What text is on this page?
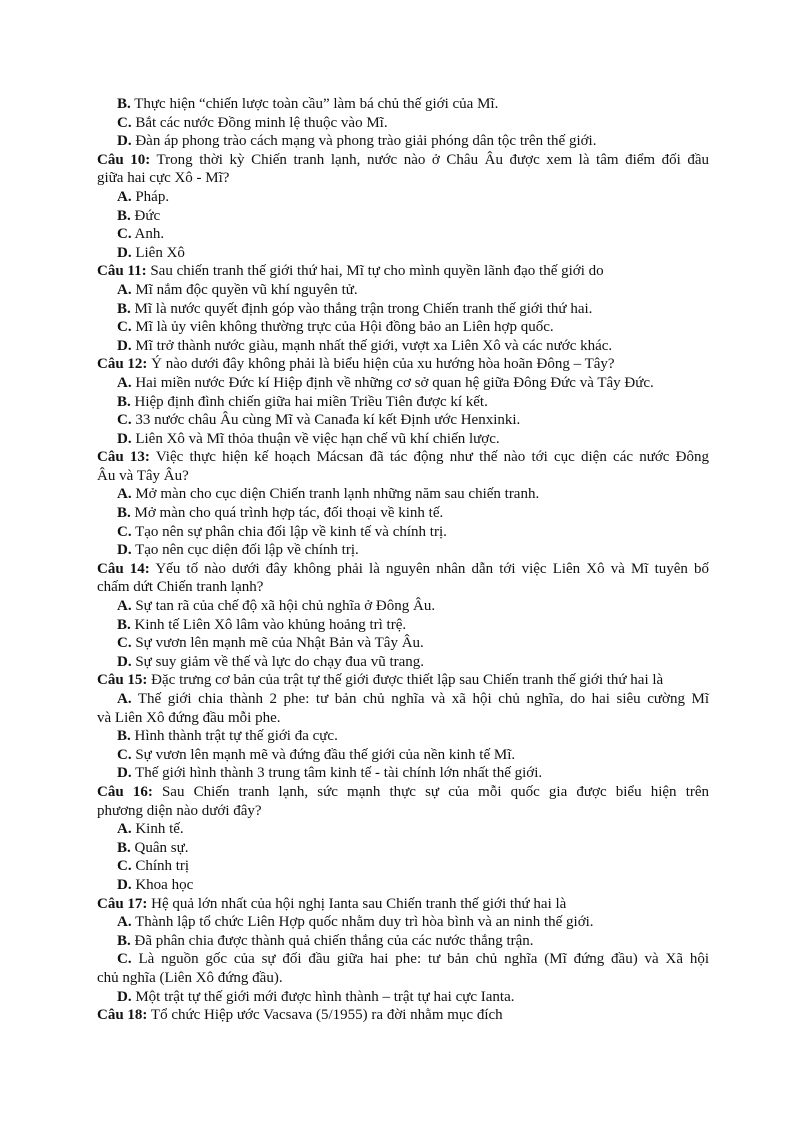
B. Thực hiện “chiến lược toàn cầu” làm bá chủ thế giới của Mĩ.
C. Bắt các nước Đồng minh lệ thuộc vào Mĩ.
D. Đàn áp phong trào cách mạng và phong trào giải phóng dân tộc trên thế giới.
Câu 10: Trong thời kỳ Chiến tranh lạnh, nước nào ở Châu Âu được xem là tâm điểm đối đầu
giữa hai cực Xô - Mĩ?
A. Pháp.
B. Đức
C. Anh.
D. Liên Xô
Câu 11: Sau chiến tranh thế giới thứ hai, Mĩ tự cho mình quyền lãnh đạo thế giới do
A. Mĩ nắm độc quyền vũ khí nguyên tử.
B. Mĩ là nước quyết định góp vào thắng trận trong Chiến tranh thế giới thứ hai.
C. Mĩ là ủy viên không thường trực của Hội đồng bảo an Liên hợp quốc.
D. Mĩ trở thành nước giàu, mạnh nhất thế giới, vượt xa Liên Xô và các nước khác.
Câu 12: Ý nào dưới đây không phải là biểu hiện của xu hướng hòa hoãn Đông – Tây?
A. Hai miền nước Đức kí Hiệp định về những cơ sở quan hệ giữa Đông Đức và Tây Đức.
B. Hiệp định đình chiến giữa hai miền Triều Tiên được kí kết.
C. 33 nước châu Âu cùng Mĩ và Canađa kí kết Định ước Henxinki.
D. Liên Xô và Mĩ thỏa thuận về việc hạn chế vũ khí chiến lược.
Câu 13: Việc thực hiện kế hoạch Mácsan đã tác động như thế nào tới cục diện các nước Đông
Âu và Tây Âu?
A. Mở màn cho cục diện Chiến tranh lạnh những năm sau chiến tranh.
B. Mở màn cho quá trình hợp tác, đối thoại về kinh tế.
C. Tạo nên sự phân chia đối lập về kinh tế và chính trị.
D. Tạo nên cục diện đối lập về chính trị.
Câu 14: Yếu tố nào dưới đây không phải là nguyên nhân dẫn tới việc Liên Xô và Mĩ tuyên bố
chấm dứt Chiến tranh lạnh?
A. Sự tan rã của chế độ xã hội chủ nghĩa ở Đông Âu.
B. Kinh tế Liên Xô lâm vào khủng hoảng trì trệ.
C. Sự vươn lên mạnh mẽ của Nhật Bản và Tây Âu.
D. Sự suy giảm về thế và lực do chạy đua vũ trang.
Câu 15: Đặc trưng cơ bản của trật tự thế giới được thiết lập sau Chiến tranh thế giới thứ hai là
A. Thế giới chia thành 2 phe: tư bản chủ nghĩa và xã hội chủ nghĩa, do hai siêu cường Mĩ
và Liên Xô đứng đầu mỗi phe.
B. Hình thành trật tự thế giới đa cực.
C. Sự vươn lên mạnh mẽ và đứng đầu thế giới của nền kinh tế Mĩ.
D. Thế giới hình thành 3 trung tâm kinh tế - tài chính lớn nhất thế giới.
Câu 16: Sau Chiến tranh lạnh, sức mạnh thực sự của mỗi quốc gia được biểu hiện trên
phương diện nào dưới đây?
A. Kinh tế.
B. Quân sự.
C. Chính trị
D. Khoa học
Câu 17: Hệ quả lớn nhất của hội nghị Ianta sau Chiến tranh thế giới thứ hai là
A. Thành lập tổ chức Liên Hợp quốc nhằm duy trì hòa bình và an ninh thế giới.
B. Đã phân chia được thành quả chiến thắng của các nước thắng trận.
C. Là nguồn gốc của sự đối đầu giữa hai phe: tư bản chủ nghĩa (Mĩ đứng đầu) và Xã hội
chủ nghĩa (Liên Xô đứng đầu).
D. Một trật tự thế giới mới được hình thành – trật tự hai cực Ianta.
Câu 18: Tổ chức Hiệp ước Vacsava (5/1955) ra đời nhằm mục đích
